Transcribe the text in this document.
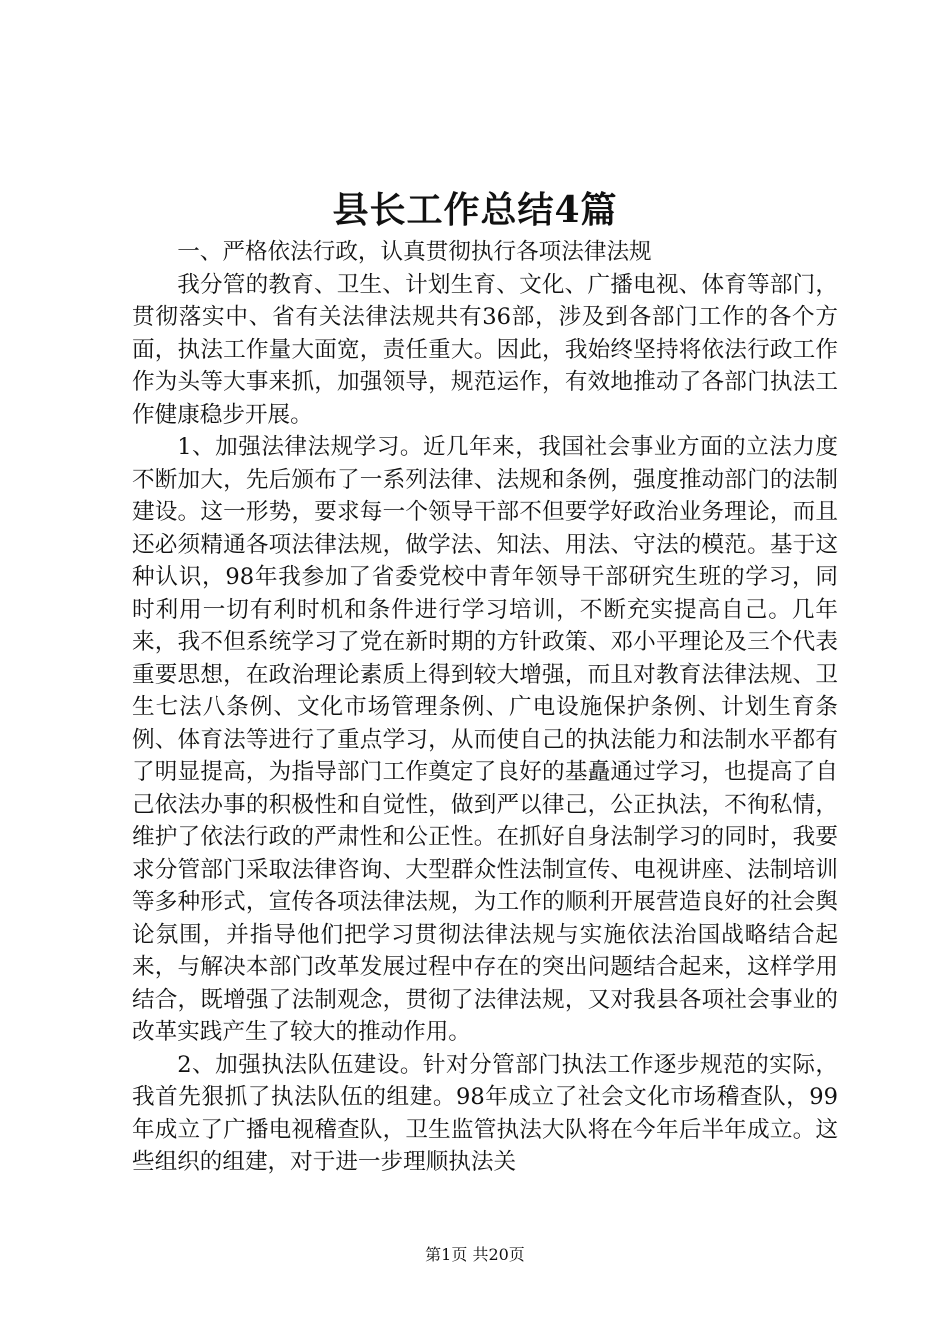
县长工作总结4篇

一、严格依法行政，认真贯彻执行各项法律法规

我分管的教育、卫生、计划生育、文化、广播电视、体育等部门，贯彻落实中、省有关法律法规共有36部，涉及到各部门工作的各个方面，执法工作量大面宽，责任重大。因此，我始终坚持将依法行政工作作为头等大事来抓，加强领导，规范运作，有效地推动了各部门执法工作健康稳步开展。

1、加强法律法规学习。近几年来，我国社会事业方面的立法力度不断加大，先后颁布了一系列法律、法规和条例，强度推动部门的法制建设。这一形势，要求每一个领导干部不但要学好政治业务理论，而且还必须精通各项法律法规，做学法、知法、用法、守法的模范。基于这种认识，98年我参加了省委党校中青年领导干部研究生班的学习，同时利用一切有利时机和条件进行学习培训，不断充实提高自己。几年来，我不但系统学习了党在新时期的方针政策、邓小平理论及三个代表重要思想，在政治理论素质上得到较大增强，而且对教育法律法规、卫生七法八条例、文化市场管理条例、广电设施保护条例、计划生育条例、体育法等进行了重点学习，从而使自己的执法能力和法制水平都有了明显提高，为指导部门工作奠定了良好的基矗通过学习，也提高了自己依法办事的积极性和自觉性，做到严以律己，公正执法，不徇私情，维护了依法行政的严肃性和公正性。在抓好自身法制学习的同时，我要求分管部门采取法律咨询、大型群众性法制宣传、电视讲座、法制培训等多种形式，宣传各项法律法规，为工作的顺利开展营造良好的社会舆论氛围，并指导他们把学习贯彻法律法规与实施依法治国战略结合起来，与解决本部门改革发展过程中存在的突出问题结合起来，这样学用结合，既增强了法制观念，贯彻了法律法规，又对我县各项社会事业的改革实践产生了较大的推动作用。

2、加强执法队伍建设。针对分管部门执法工作逐步规范的实际，我首先狠抓了执法队伍的组建。98年成立了社会文化市场稽查队，99年成立了广播电视稽查队，卫生监管执法大队将在今年后半年成立。这些组织的组建，对于进一步理顺执法关

第1页 共20页
